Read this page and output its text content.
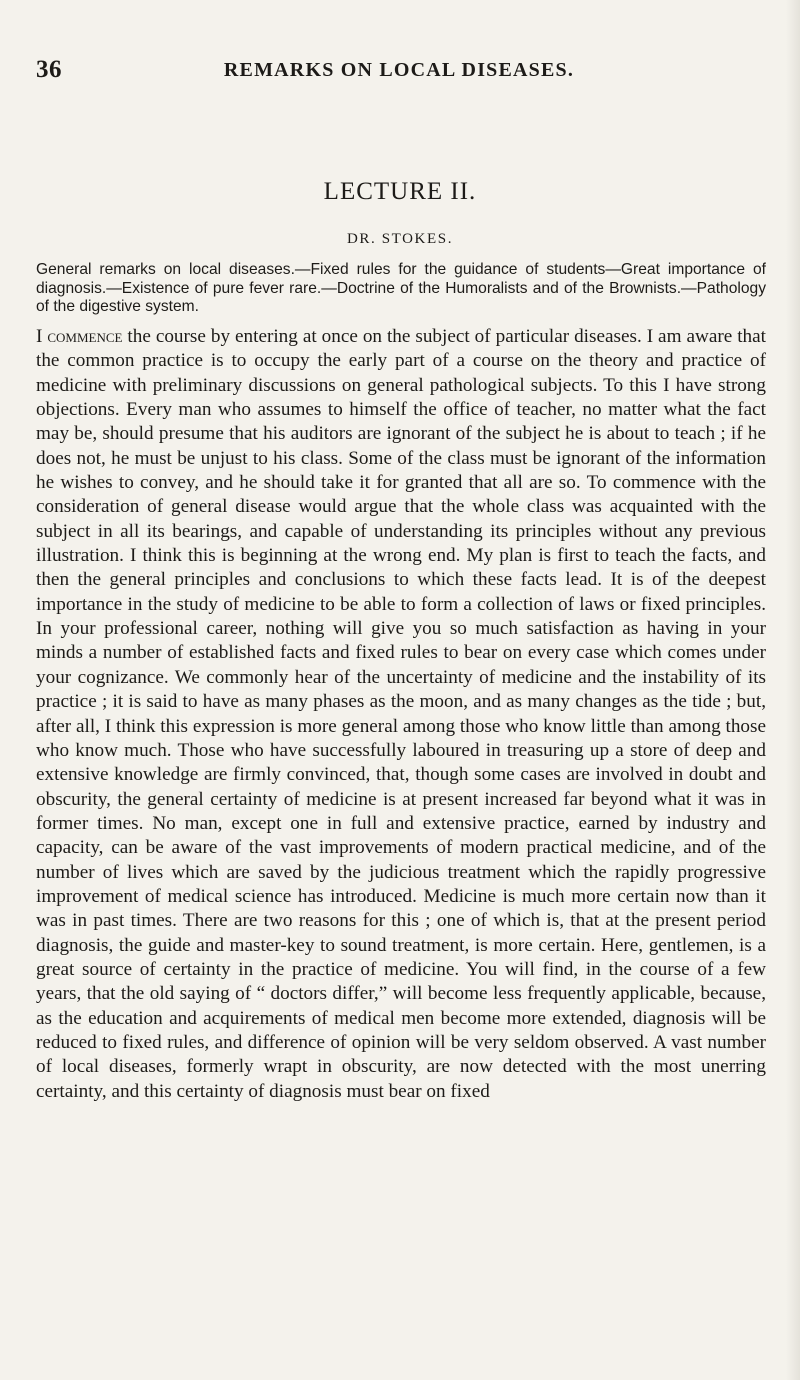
36	REMARKS ON LOCAL DISEASES.
LECTURE II.
DR. STOKES.
General remarks on local diseases.—Fixed rules for the guidance of students—Great importance of diagnosis.—Existence of pure fever rare.—Doctrine of the Humoralists and of the Brownists.—Pathology of the digestive system.

I commence the course by entering at once on the subject of particular diseases. I am aware that the common practice is to occupy the early part of a course on the theory and practice of medicine with preliminary discussions on general pathological subjects. To this I have strong objections. Every man who assumes to himself the office of teacher, no matter what the fact may be, should presume that his auditors are ignorant of the subject he is about to teach ; if he does not, he must be unjust to his class. Some of the class must be ignorant of the information he wishes to convey, and he should take it for granted that all are so. To commence with the consideration of general disease would argue that the whole class was acquainted with the subject in all its bearings, and capable of understanding its principles without any previous illustration. I think this is beginning at the wrong end. My plan is first to teach the facts, and then the general principles and conclusions to which these facts lead. It is of the deepest importance in the study of medicine to be able to form a collection of laws or fixed principles. In your professional career, nothing will give you so much satisfaction as having in your minds a number of established facts and fixed rules to bear on every case which comes under your cognizance. We commonly hear of the uncertainty of medicine and the instability of its practice ; it is said to have as many phases as the moon, and as many changes as the tide ; but, after all, I think this expression is more general among those who know little than among those who know much. Those who have successfully laboured in treasuring up a store of deep and extensive knowledge are firmly convinced, that, though some cases are involved in doubt and obscurity, the general certainty of medicine is at present increased far beyond what it was in former times. No man, except one in full and extensive practice, earned by industry and capacity, can be aware of the vast improvements of modern practical medicine, and of the number of lives which are saved by the judicious treatment which the rapidly progressive improvement of medical science has introduced. Medicine is much more certain now than it was in past times. There are two reasons for this ; one of which is, that at the present period diagnosis, the guide and master-key to sound treatment, is more certain. Here, gentlemen, is a great source of certainty in the practice of medicine. You will find, in the course of a few years, that the old saying of “ doctors differ,” will become less frequently applicable, because, as the education and acquirements of medical men become more extended, diagnosis will be reduced to fixed rules, and difference of opinion will be very seldom observed. A vast number of local diseases, formerly wrapt in obscurity, are now detected with the most unerring certainty, and this certainty of diagnosis must bear on fixed
